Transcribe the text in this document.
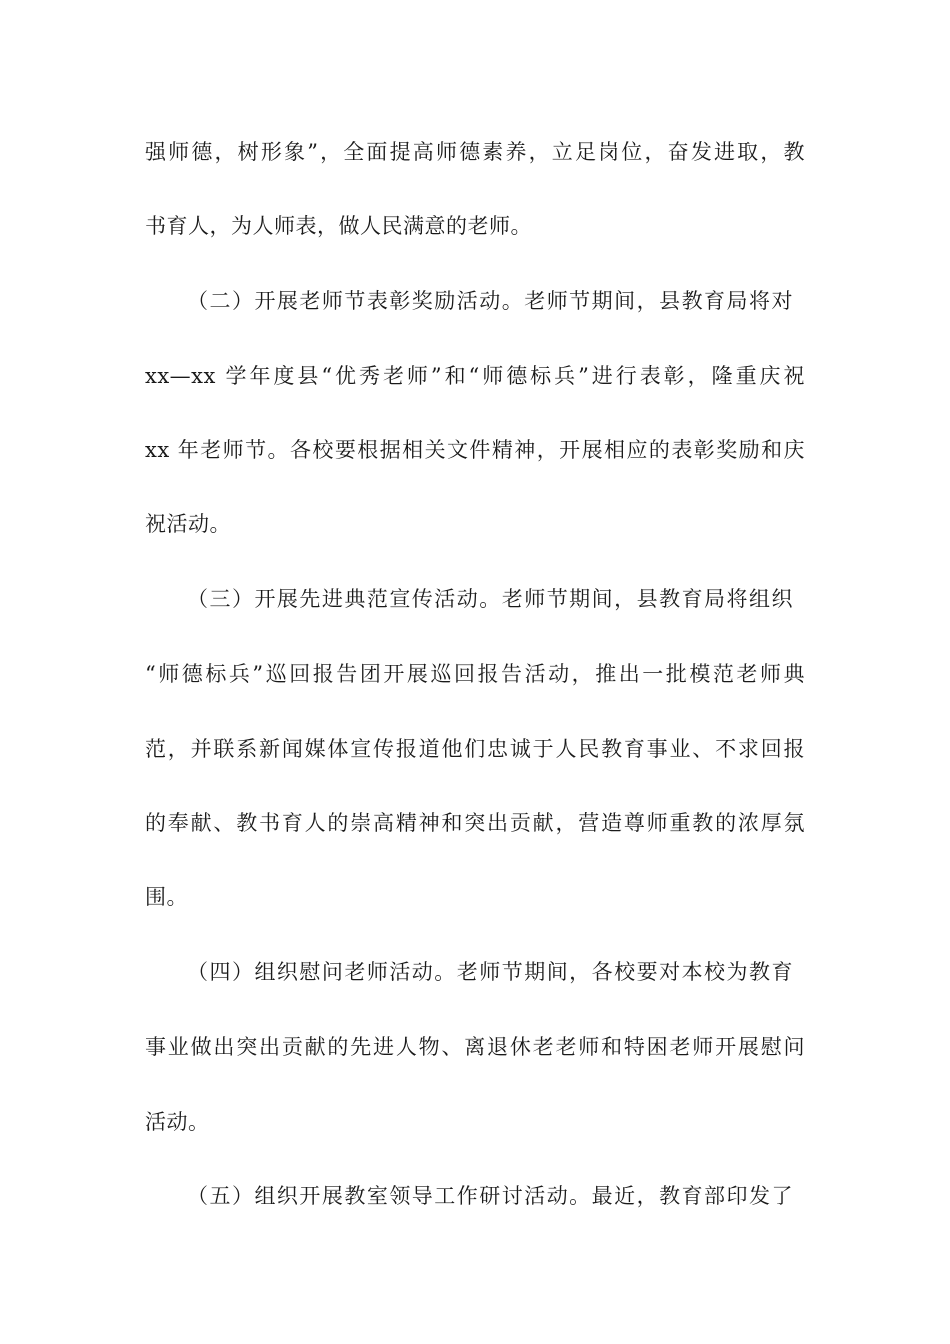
强师德，树形象”，全面提高师德素养，立足岗位，奋发进取，教
书育人，为人师表，做人民满意的老师。
（二）开展老师节表彰奖励活动。老师节期间，县教育局将对
xx—xx 学年度县“优秀老师”和“师德标兵”进行表彰，隆重庆祝
xx 年老师节。各校要根据相关文件精神，开展相应的表彰奖励和庆
祝活动。
（三）开展先进典范宣传活动。老师节期间，县教育局将组织
“师德标兵”巡回报告团开展巡回报告活动，推出一批模范老师典
范，并联系新闻媒体宣传报道他们忠诚于人民教育事业、不求回报
的奉献、教书育人的崇高精神和突出贡献，营造尊师重教的浓厚氛
围。
（四）组织慰问老师活动。老师节期间，各校要对本校为教育
事业做出突出贡献的先进人物、离退休老老师和特困老师开展慰问
活动。
（五）组织开展教室领导工作研讨活动。最近，教育部印发了
